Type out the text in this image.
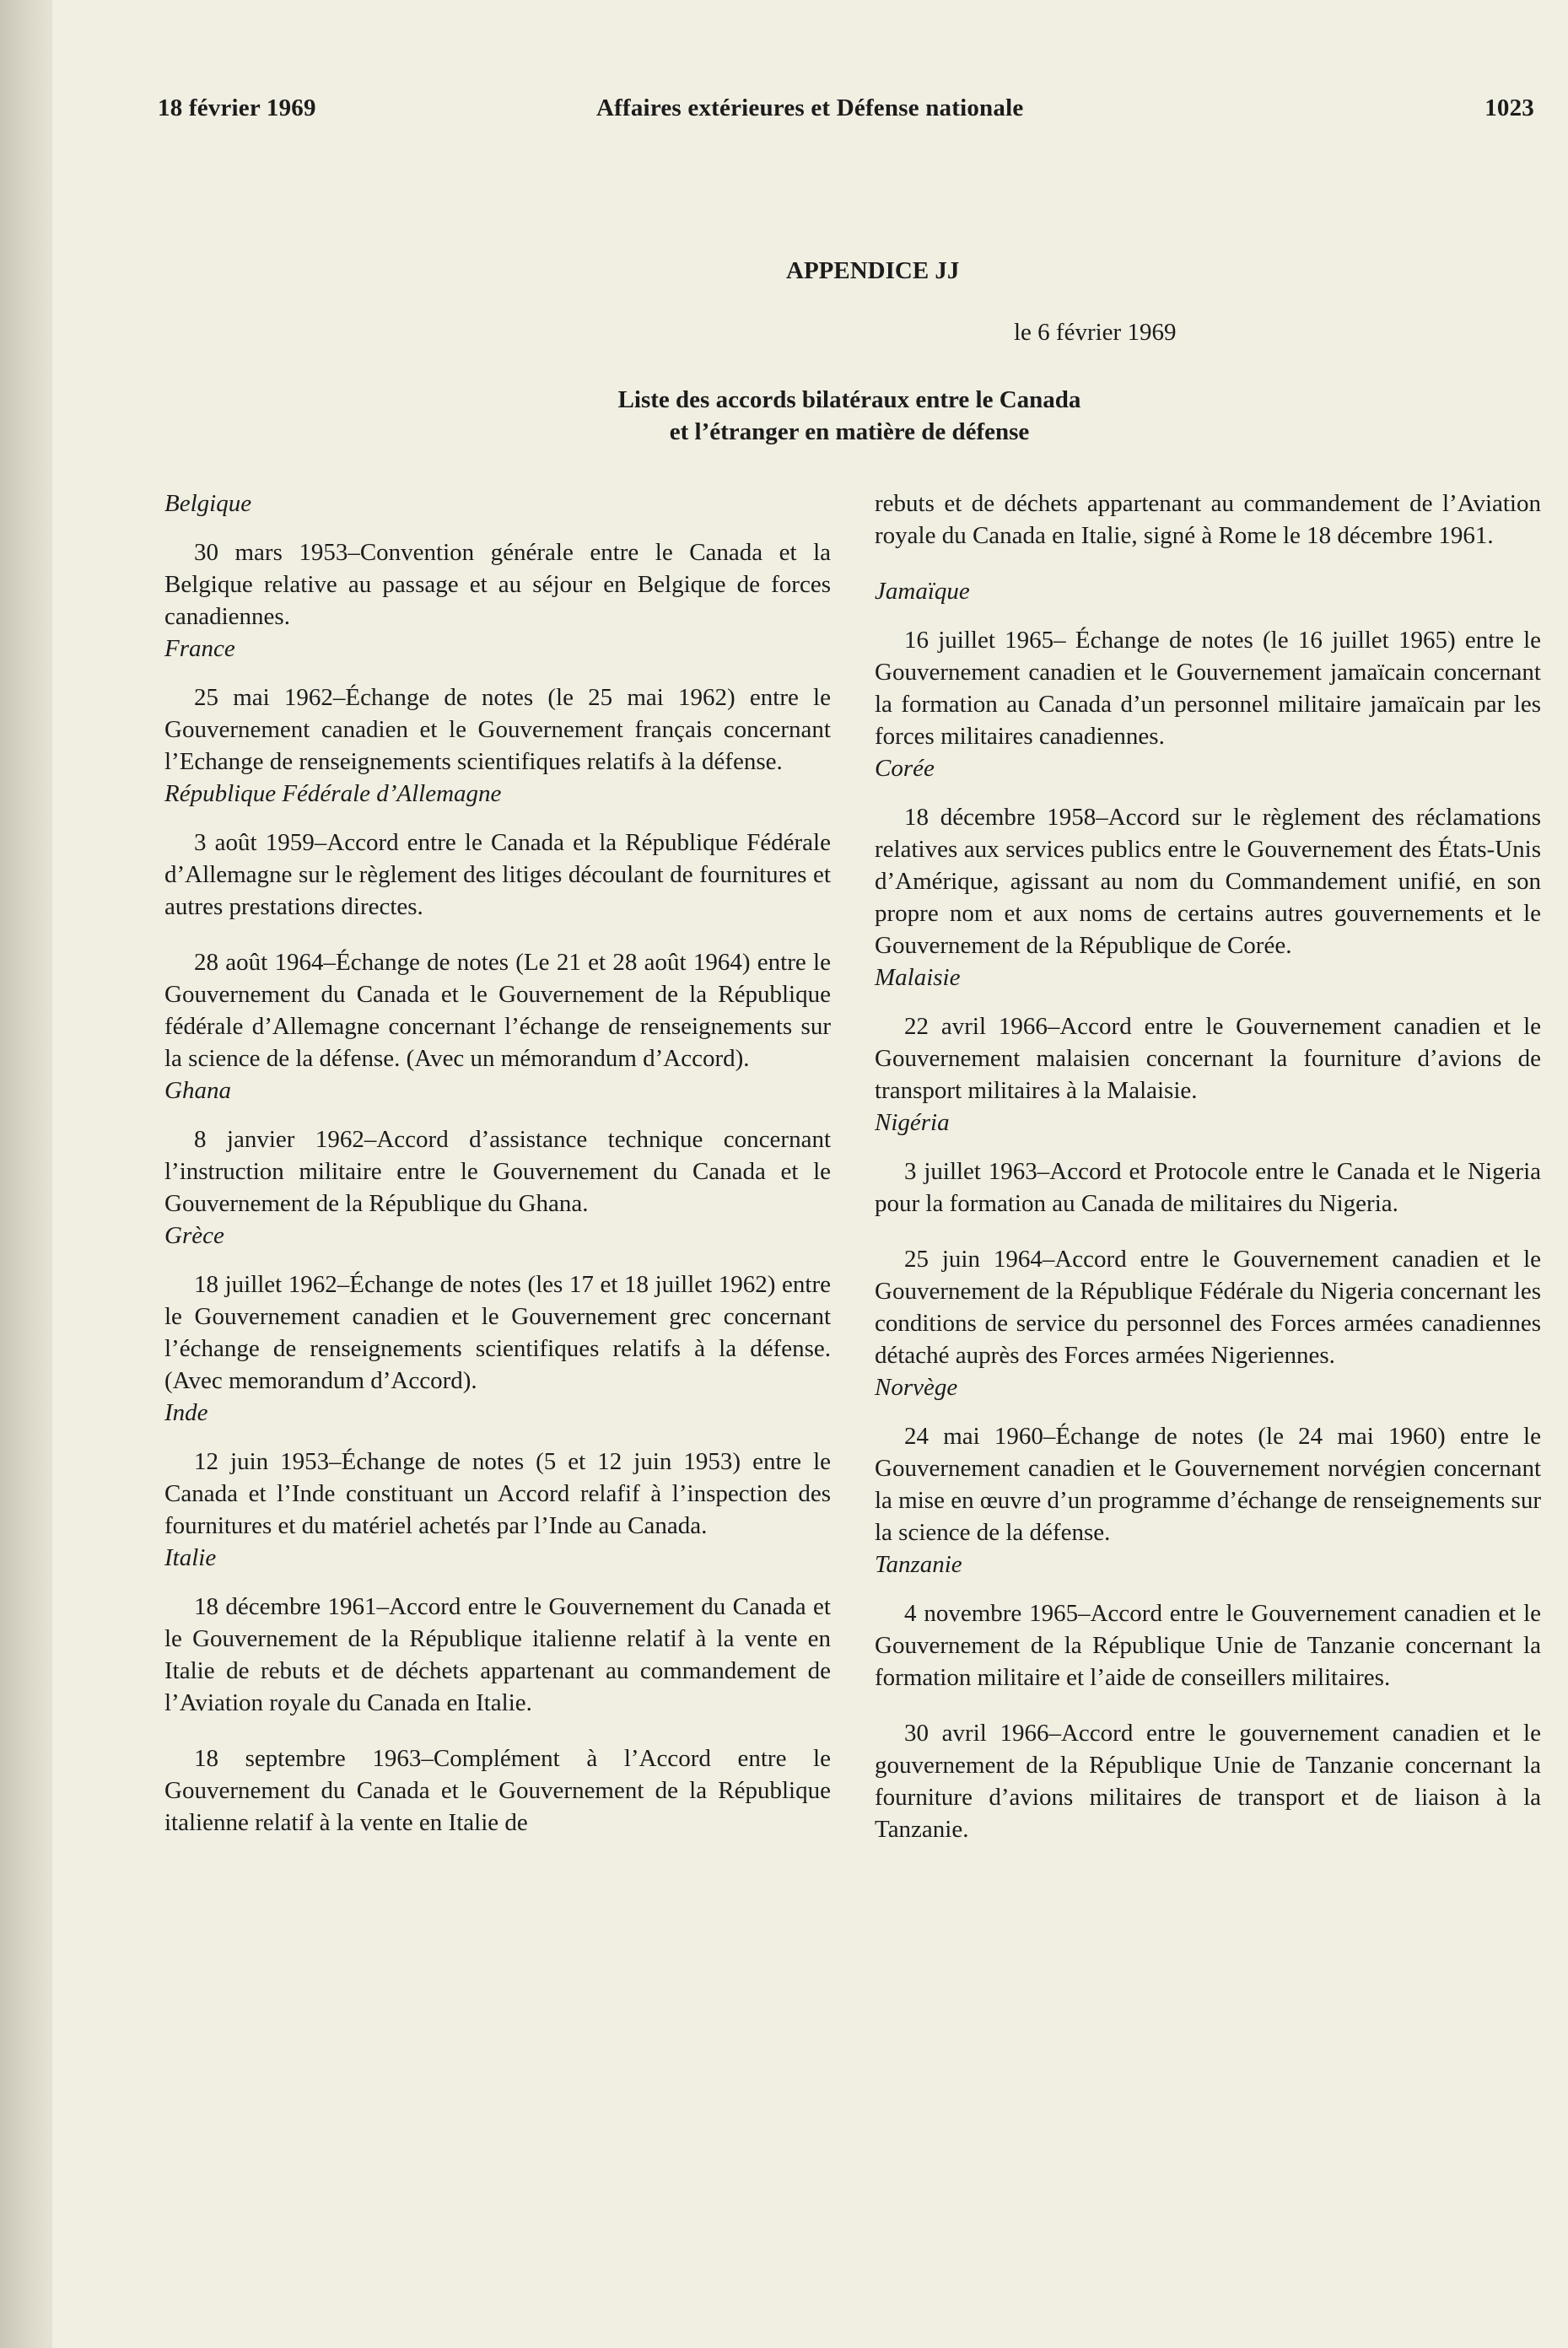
18 février 1969	Affaires extérieures et Défense nationale	1023
APPENDICE JJ
le 6 février 1969
Liste des accords bilatéraux entre le Canada
et l’étranger en matière de défense

Belgique

30 mars 1953–Convention générale entre le Canada et la Belgique relative au passage et au séjour en Belgique de forces canadiennes.

France

25 mai 1962–Échange de notes (le 25 mai 1962) entre le Gouvernement canadien et le Gouvernement français concernant l’Echange de renseignements scientifiques relatifs à la défense.

République Fédérale d’Allemagne

3 août 1959–Accord entre le Canada et la République Fédérale d’Allemagne sur le règlement des litiges découlant de fournitures et autres prestations directes.

28 août 1964–Échange de notes (Le 21 et 28 août 1964) entre le Gouvernement du Canada et le Gouvernement de la République fédérale d’Allemagne concernant l’échange de renseignements sur la science de la défense. (Avec un mémorandum d’Accord).

Ghana

8 janvier 1962–Accord d’assistance technique concernant l’instruction militaire entre le Gouvernement du Canada et le Gouvernement de la République du Ghana.

Grèce

18 juillet 1962–Échange de notes (les 17 et 18 juillet 1962) entre le Gouvernement canadien et le Gouvernement grec concernant l’échange de renseignements scientifiques relatifs à la défense. (Avec memorandum d’Accord).

Inde

12 juin 1953–Échange de notes (5 et 12 juin 1953) entre le Canada et l’Inde constituant un Accord relafif à l’inspection des fournitures et du matériel achetés par l’Inde au Canada.

Italie

18 décembre 1961–Accord entre le Gouvernement du Canada et le Gouvernement de la République italienne relatif à la vente en Italie de rebuts et de déchets appartenant au commandement de l’Aviation royale du Canada en Italie.

18 septembre 1963–Complément à l’Accord entre le Gouvernement du Canada et le Gouvernement de la République italienne relatif à la vente en Italie de

rebuts et de déchets appartenant au commandement de l’Aviation royale du Canada en Italie, signé à Rome le 18 décembre 1961.

Jamaïque

16 juillet 1965– Échange de notes (le 16 juillet 1965) entre le Gouvernement canadien et le Gouvernement jamaïcain concernant la formation au Canada d’un personnel militaire jamaïcain par les forces militaires canadiennes.

Corée

18 décembre 1958–Accord sur le règlement des réclamations relatives aux services publics entre le Gouvernement des États-Unis d’Amérique, agissant au nom du Commandement unifié, en son propre nom et aux noms de certains autres gouvernements et le Gouvernement de la République de Corée.

Malaisie

22 avril 1966–Accord entre le Gouvernement canadien et le Gouvernement malaisien concernant la fourniture d’avions de transport militaires à la Malaisie.

Nigéria

3 juillet 1963–Accord et Protocole entre le Canada et le Nigeria pour la formation au Canada de militaires du Nigeria.

25 juin 1964–Accord entre le Gouvernement canadien et le Gouvernement de la République Fédérale du Nigeria concernant les conditions de service du personnel des Forces armées canadiennes détaché auprès des Forces armées Nigeriennes.

Norvège

24 mai 1960–Échange de notes (le 24 mai 1960) entre le Gouvernement canadien et le Gouvernement norvégien concernant la mise en œuvre d’un programme d’échange de renseignements sur la science de la défense.

Tanzanie

4 novembre 1965–Accord entre le Gouvernement canadien et le Gouvernement de la République Unie de Tanzanie concernant la formation militaire et l’aide de conseillers militaires.

30 avril 1966–Accord entre le gouvernement canadien et le gouvernement de la République Unie de Tanzanie concernant la fourniture d’avions militaires de transport et de liaison à la Tanzanie.
